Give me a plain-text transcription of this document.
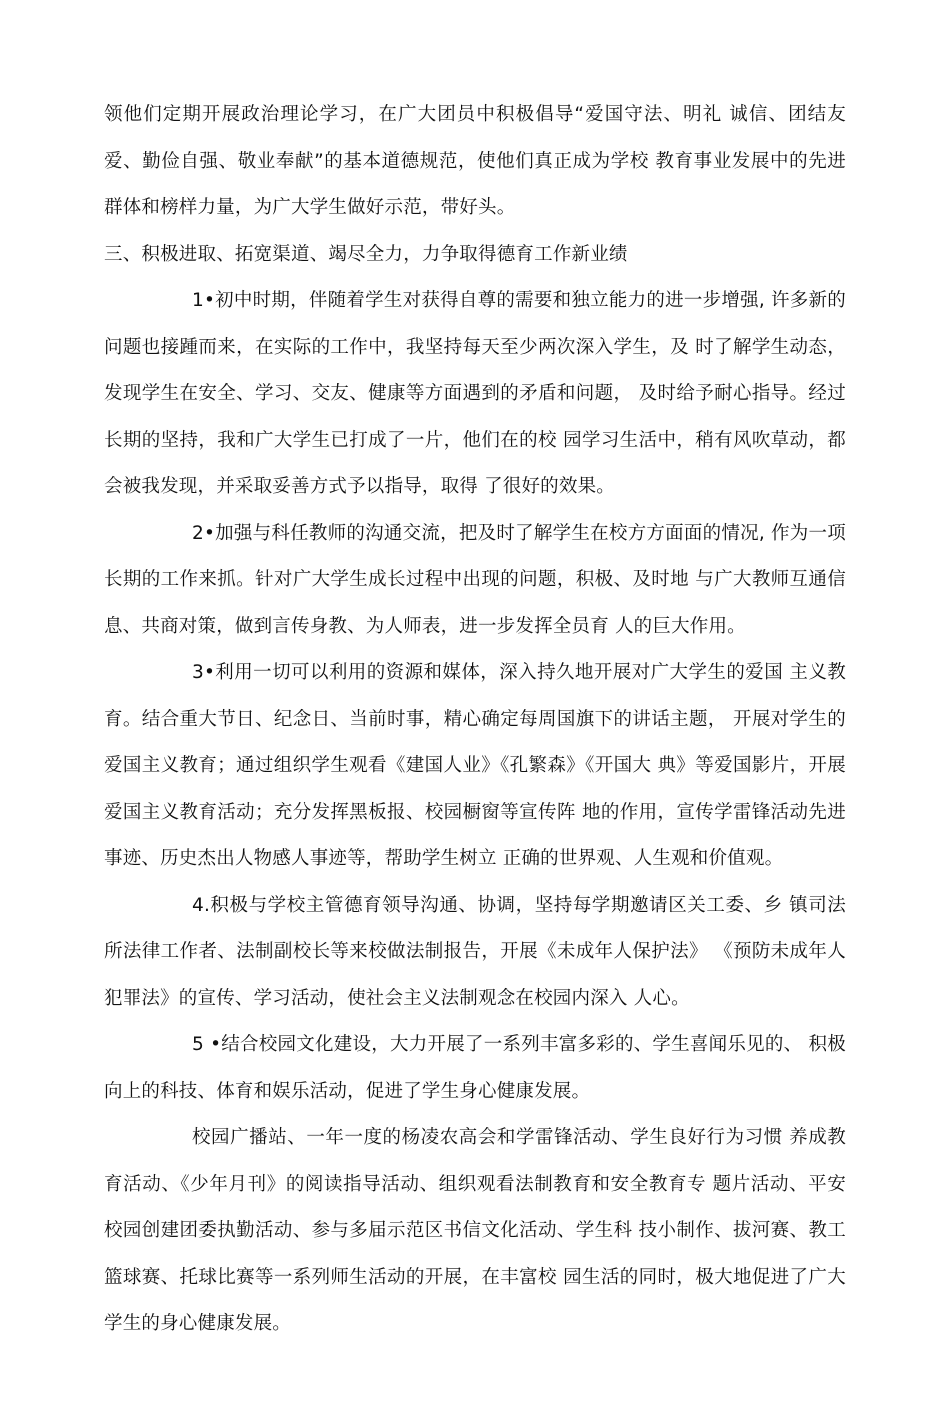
领他们定期开展政治理论学习，在广大团员中积极倡导“爱国守法、明礼 诚信、团结友爱、勤俭自强、敬业奉献”的基本道德规范，使他们真正成为学校 教育事业发展中的先进群体和榜样力量，为广大学生做好示范，带好头。

三、积极进取、拓宽渠道、竭尽全力，力争取得德育工作新业绩

1•初中时期，伴随着学生对获得自尊的需要和独立能力的进一步增强, 许多新的问题也接踵而来，在实际的工作中，我坚持每天至少两次深入学生，及 时了解学生动态，发现学生在安全、学习、交友、健康等方面遇到的矛盾和问题， 及时给予耐心指导。经过长期的坚持，我和广大学生已打成了一片，他们在的校 园学习生活中，稍有风吹草动，都会被我发现，并采取妥善方式予以指导，取得 了很好的效果。

2•加强与科任教师的沟通交流，把及时了解学生在校方方面面的情况, 作为一项长期的工作来抓。针对广大学生成长过程中出现的问题，积极、及时地 与广大教师互通信息、共商对策，做到言传身教、为人师表，进一步发挥全员育 人的巨大作用。

3•利用一切可以利用的资源和媒体，深入持久地开展对广大学生的爱国 主义教育。结合重大节日、纪念日、当前时事，精心确定每周国旗下的讲话主题， 开展对学生的爱国主义教育；通过组织学生观看《建国人业》《孔繁森》《开国大 典》等爱国影片，开展爱国主义教育活动；充分发挥黑板报、校园橱窗等宣传阵 地的作用，宣传学雷锋活动先进事迹、历史杰出人物感人事迹等，帮助学生树立 正确的世界观、人生观和价值观。

4.积极与学校主管德育领导沟通、协调，坚持每学期邀请区关工委、乡 镇司法所法律工作者、法制副校长等来校做法制报告，开展《未成年人保护法》 《预防未成年人犯罪法》的宣传、学习活动，使社会主义法制观念在校园内深入 人心。

5 •结合校园文化建设，大力开展了一系列丰富多彩的、学生喜闻乐见的、 积极向上的科技、体育和娱乐活动，促进了学生身心健康发展。

校园广播站、一年一度的杨凌农高会和学雷锋活动、学生良好行为习惯 养成教育活动、《少年月刊》的阅读指导活动、组织观看法制教育和安全教育专 题片活动、平安校园创建团委执勤活动、参与多届示范区书信文化活动、学生科 技小制作、拔河赛、教工篮球赛、托球比赛等一系列师生活动的开展，在丰富校 园生活的同时，极大地促进了广大学生的身心健康发展。
